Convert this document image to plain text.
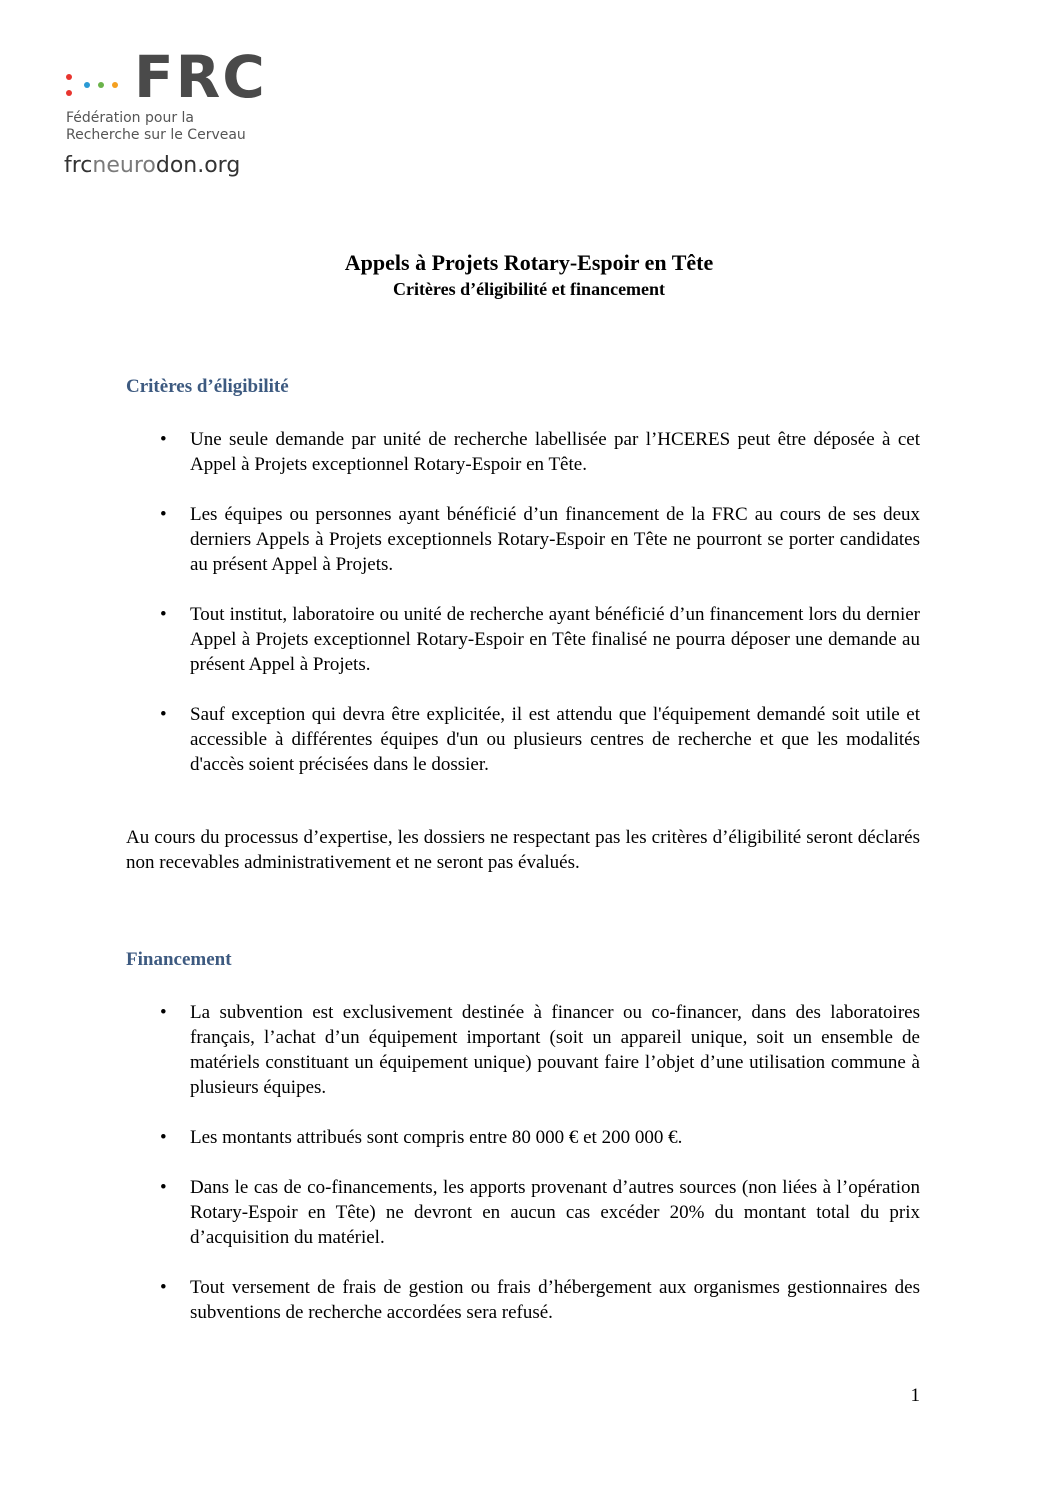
FRC
Fédération pour la
Recherche sur le Cerveau
frcneurodon.org
Appels à Projets Rotary-Espoir en Tête
Critères d’éligibilité et financement
Critères d’éligibilité
• Une seule demande par unité de recherche labellisée par l’HCERES peut être déposée à cet Appel à Projets exceptionnel Rotary-Espoir en Tête.
• Les équipes ou personnes ayant bénéficié d’un financement de la FRC au cours de ses deux derniers Appels à Projets exceptionnels Rotary-Espoir en Tête ne pourront se porter candidates au présent Appel à Projets.
• Tout institut, laboratoire ou unité de recherche ayant bénéficié d’un financement lors du dernier Appel à Projets exceptionnel Rotary-Espoir en Tête finalisé ne pourra déposer une demande au présent Appel à Projets.
• Sauf exception qui devra être explicitée, il est attendu que l'équipement demandé soit utile et accessible à différentes équipes d'un ou plusieurs centres de recherche et que les modalités d'accès soient précisées dans le dossier.
Au cours du processus d’expertise, les dossiers ne respectant pas les critères d’éligibilité seront déclarés non recevables administrativement et ne seront pas évalués.
Financement
• La subvention est exclusivement destinée à financer ou co-financer, dans des laboratoires français, l’achat d’un équipement important (soit un appareil unique, soit un ensemble de matériels constituant un équipement unique) pouvant faire l’objet d’une utilisation commune à plusieurs équipes.
• Les montants attribués sont compris entre 80 000 € et 200 000 €.
• Dans le cas de co-financements, les apports provenant d’autres sources (non liées à l’opération Rotary-Espoir en Tête) ne devront en aucun cas excéder 20% du montant total du prix d’acquisition du matériel.
• Tout versement de frais de gestion ou frais d’hébergement aux organismes gestionnaires des subventions de recherche accordées sera refusé.
1
